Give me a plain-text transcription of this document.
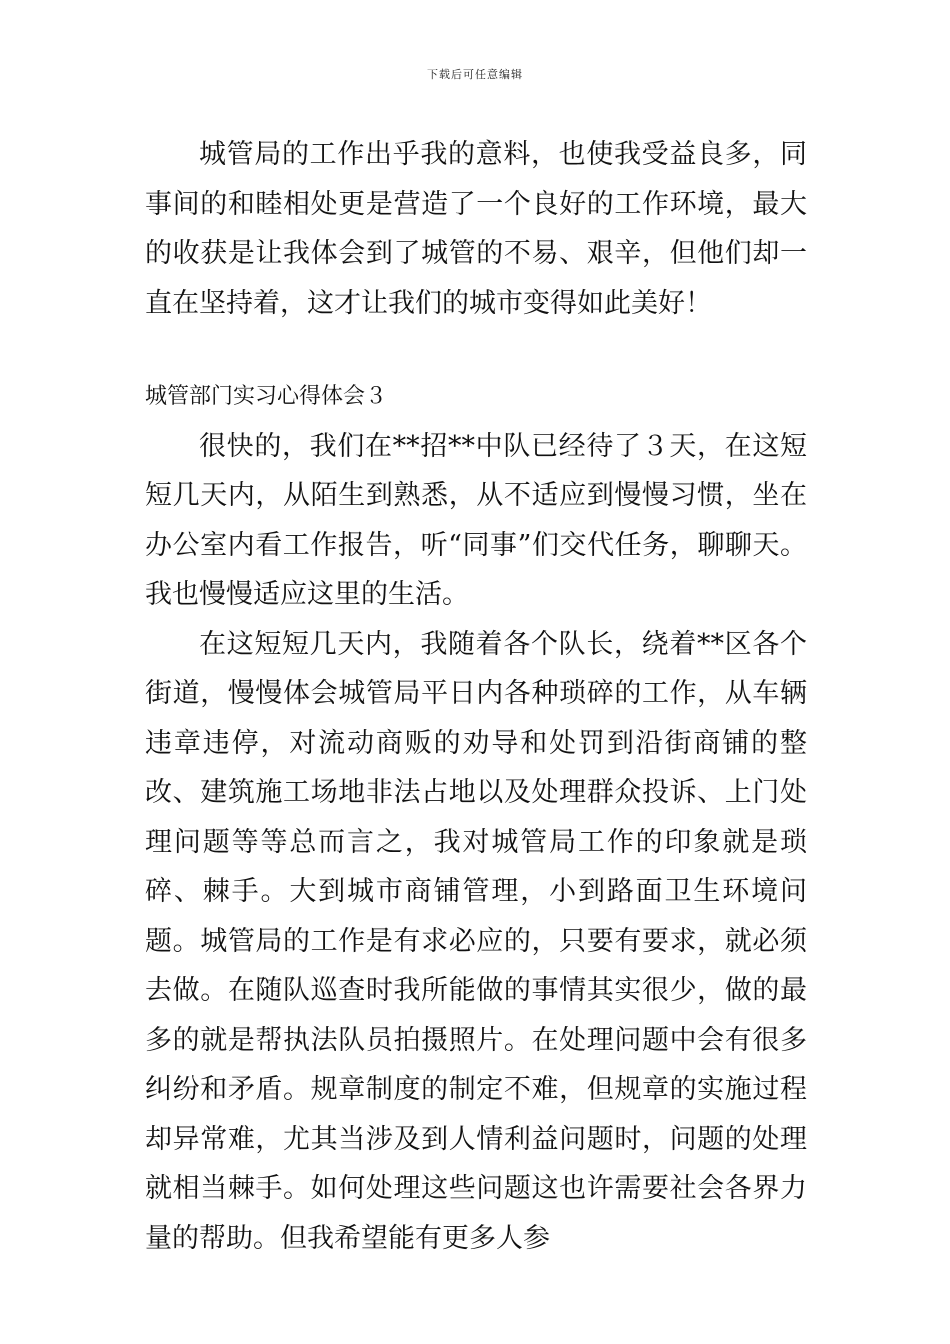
下载后可任意编辑

城管局的工作出乎我的意料，也使我受益良多，同事间的和睦相处更是营造了一个良好的工作环境，最大的收获是让我体会到了城管的不易、艰辛，但他们却一直在坚持着，这才让我们的城市变得如此美好！

城管部门实习心得体会３

很快的，我们在**招**中队已经待了３天，在这短短几天内，从陌生到熟悉，从不适应到慢慢习惯，坐在办公室内看工作报告，听“同事”们交代任务，聊聊天。我也慢慢适应这里的生活。

在这短短几天内，我随着各个队长，绕着**区各个街道，慢慢体会城管局平日内各种琐碎的工作，从车辆违章违停，对流动商贩的劝导和处罚到沿街商铺的整改、建筑施工场地非法占地以及处理群众投诉、上门处理问题等等总而言之，我对城管局工作的印象就是琐碎、棘手。大到城市商铺管理，小到路面卫生环境问题。城管局的工作是有求必应的，只要有要求，就必须去做。在随队巡查时我所能做的事情其实很少，做的最多的就是帮执法队员拍摄照片。在处理问题中会有很多纠纷和矛盾。规章制度的制定不难，但规章的实施过程却异常难，尤其当涉及到人情利益问题时，问题的处理就相当棘手。如何处理这些问题这也许需要社会各界力量的帮助。但我希望能有更多人参
